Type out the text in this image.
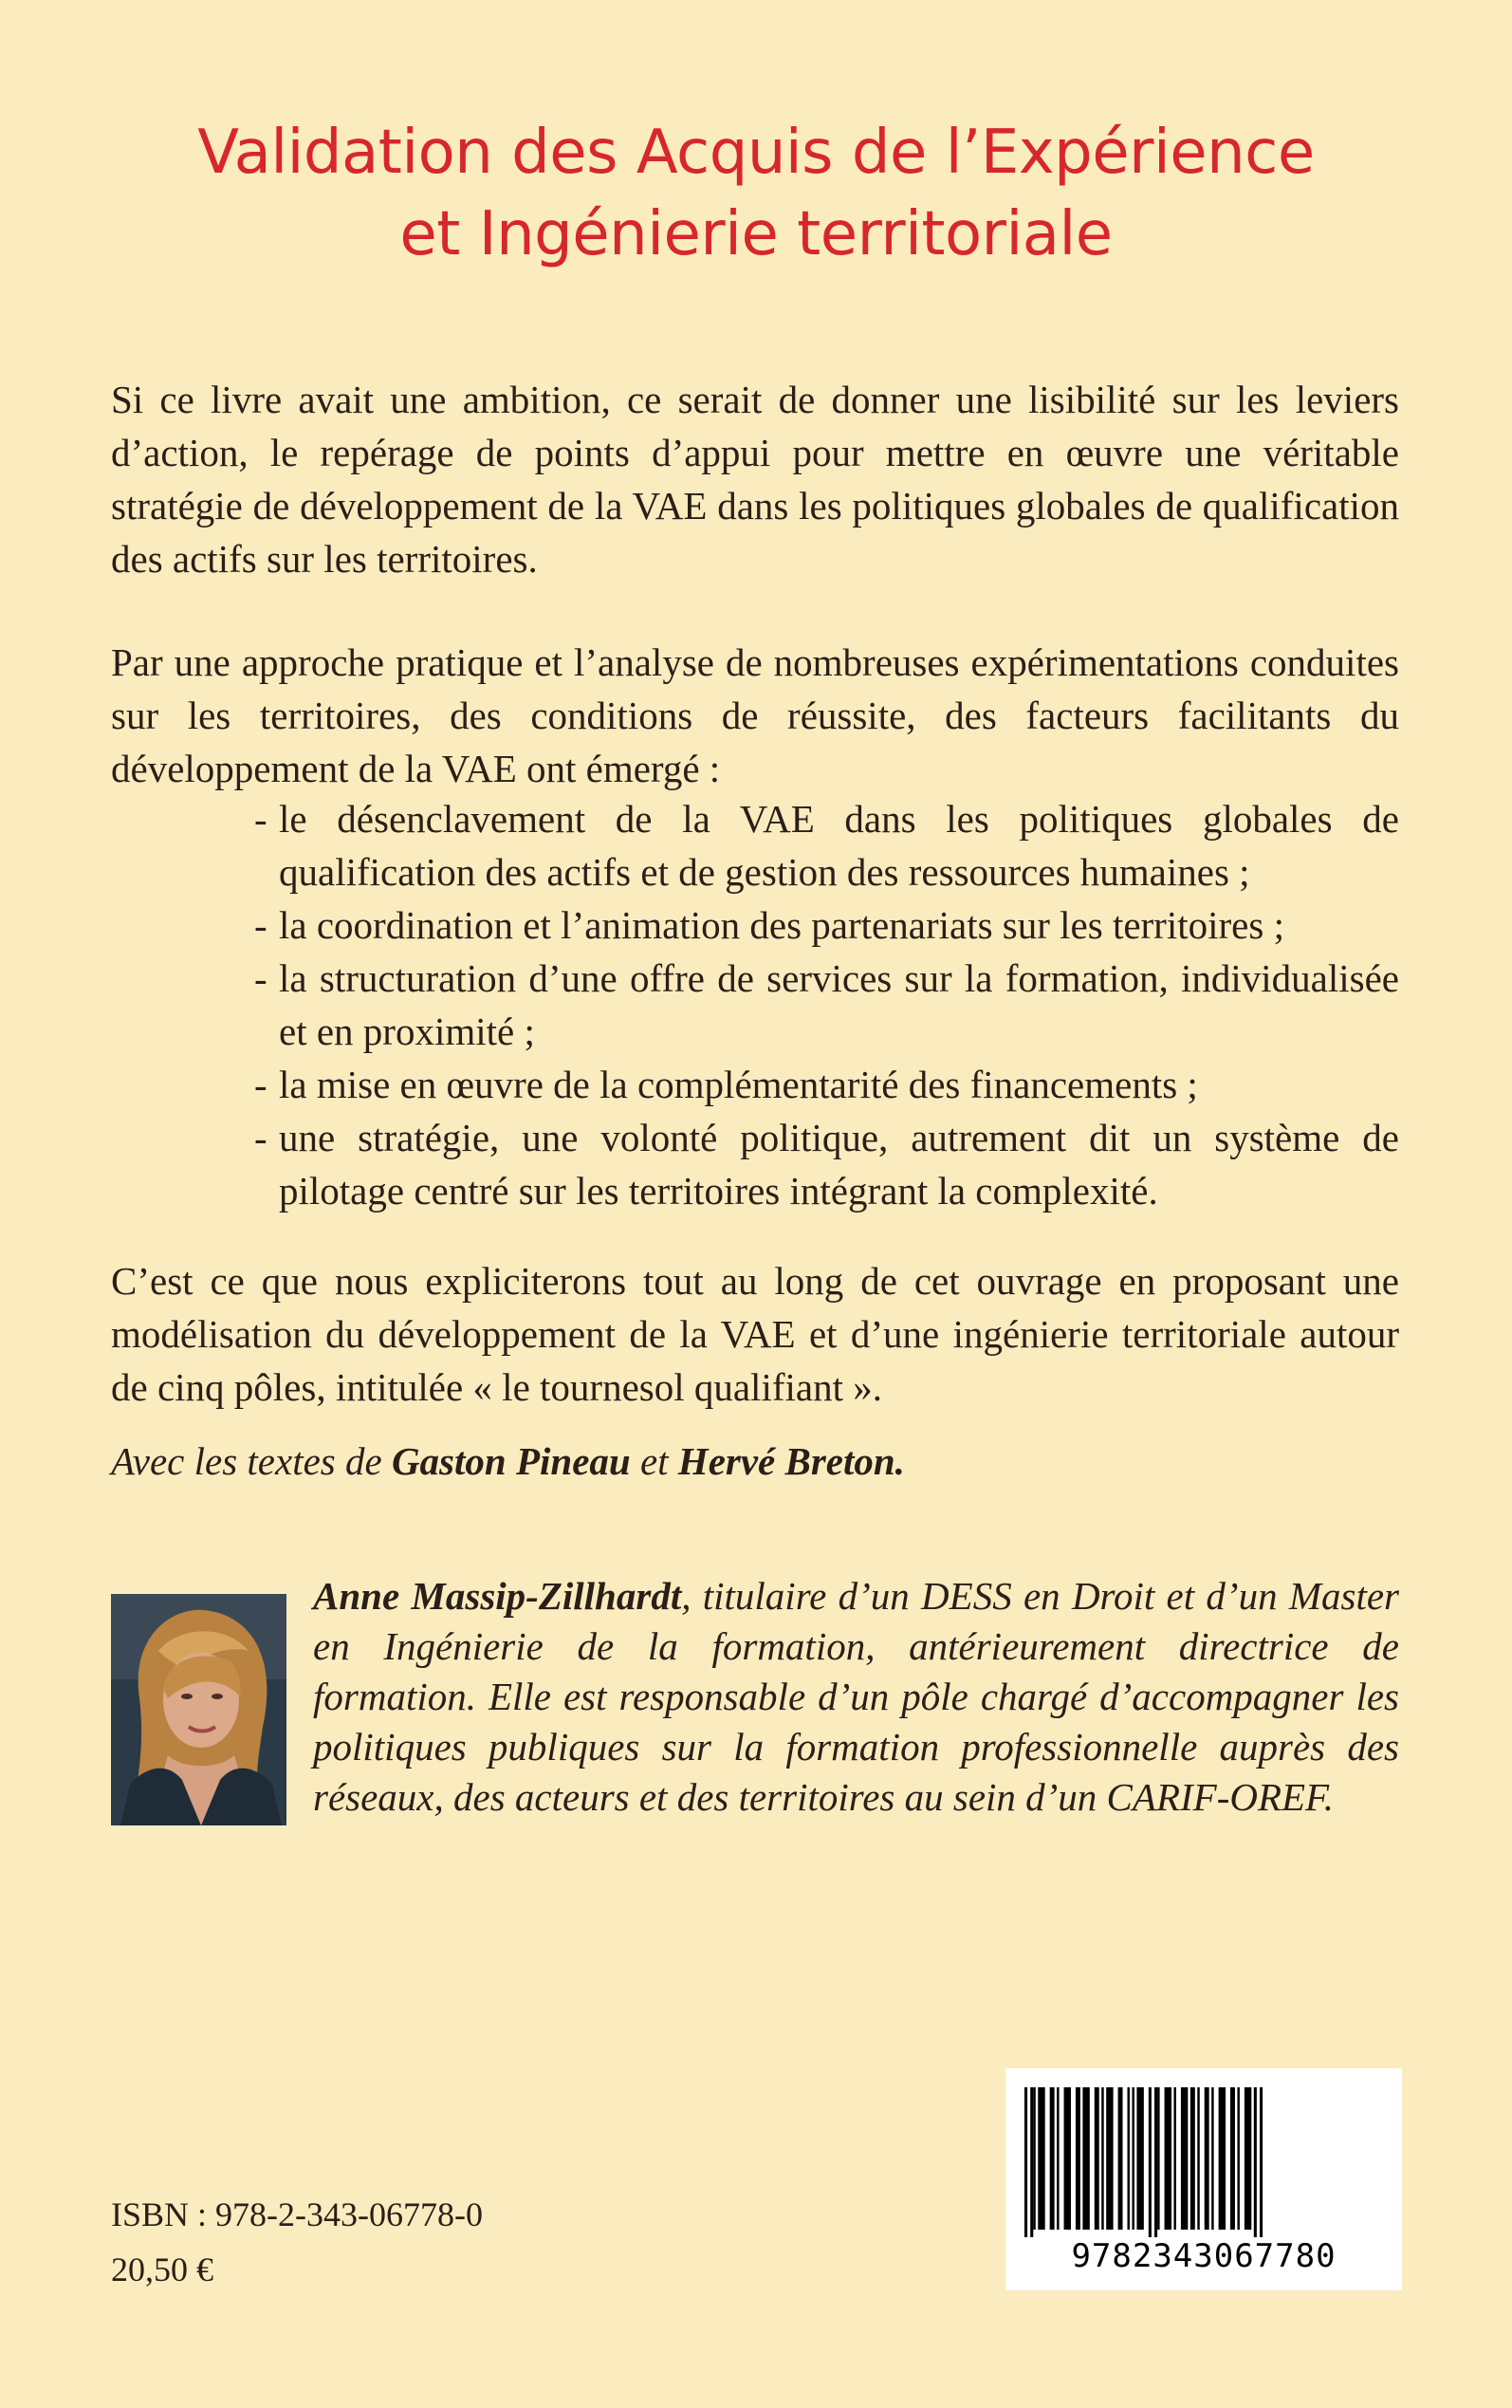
Validation des Acquis de l’Expérience
et Ingénierie territoriale
Si ce livre avait une ambition, ce serait de donner une lisibilité sur les leviers d’action, le repérage de points d’appui pour mettre en œuvre une véritable stratégie de développement de la VAE dans les politiques globales de qualification des actifs sur les territoires.
Par une approche pratique et l’analyse de nombreuses expérimentations conduites sur les territoires, des conditions de réussite, des facteurs facilitants du développement de la VAE ont émergé :
- le désenclavement de la VAE dans les politiques globales de qualification des actifs et de gestion des ressources humaines ;
- la coordination et l’animation des partenariats sur les territoires ;
- la structuration d’une offre de services sur la formation, individualisée et en proximité ;
- la mise en œuvre de la complémentarité des financements ;
- une stratégie, une volonté politique, autrement dit un système de pilotage centré sur les territoires intégrant la complexité.
C’est ce que nous expliciterons tout au long de cet ouvrage en proposant une modélisation du développement de la VAE et d’une ingénierie territoriale autour de cinq pôles, intitulée « le tournesol qualifiant ».
Avec les textes de Gaston Pineau et Hervé Breton.
Anne Massip-Zillhardt, titulaire d’un DESS en Droit et d’un Master en Ingénierie de la formation, antérieurement directrice de formation. Elle est responsable d’un pôle chargé d’accompagner les politiques publiques sur la formation professionnelle auprès des réseaux, des acteurs et des territoires au sein d’un CARIF-OREF.
9782343067780
ISBN : 978-2-343-06778-0
20,50 €
